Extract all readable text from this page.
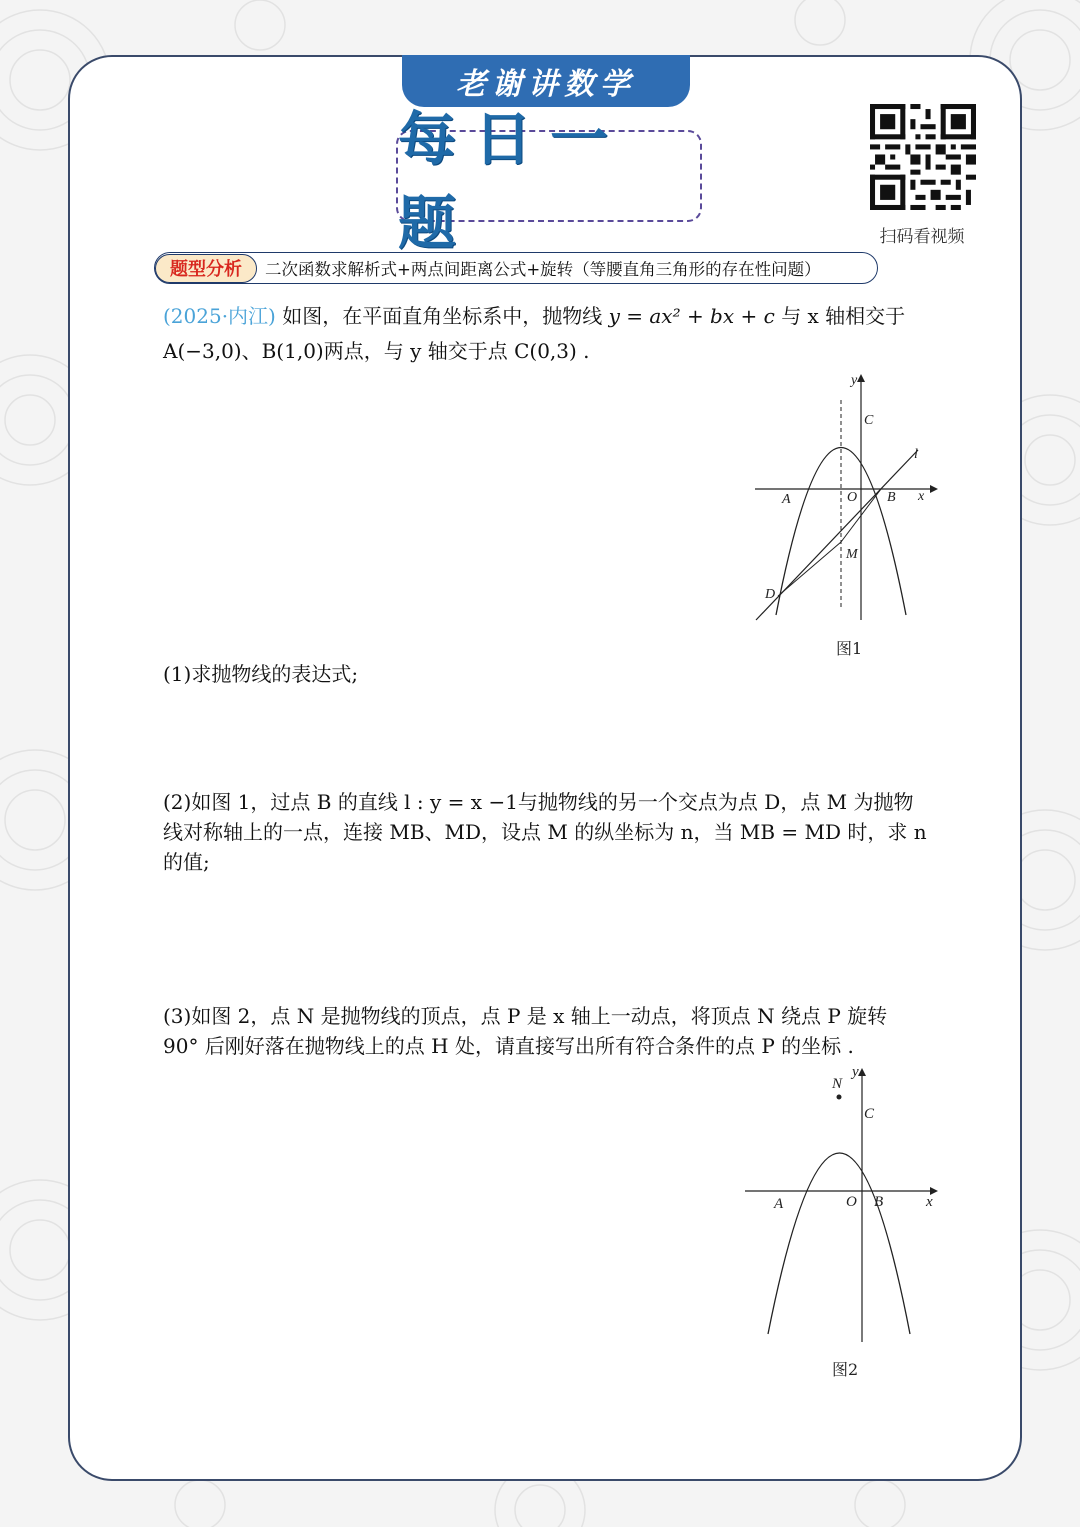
老谢讲数学
每日一题	扫码看视频
题型分析	二次函数求解析式+两点间距离公式+旋转（等腰直角三角形的存在性问题）
(2025·内江) 如图，在平面直角坐标系中，抛物线 y = ax² + bx + c 与 x 轴相交于
A(−3,0)、B(1,0)两点，与 y 轴交于点 C(0,3) .
y
x
O
A	B
C
D
M
l
图1
(1)求抛物线的表达式;
(2)如图 1，过点 B 的直线 l : y = x −1与抛物线的另一个交点为点 D，点 M 为抛物
线对称轴上的一点，连接 MB、MD，设点 M 的纵坐标为 n，当 MB = MD 时，求 n
的值;
(3)如图 2，点 N 是抛物线的顶点，点 P 是 x 轴上一动点，将顶点 N 绕点 P 旋转
90° 后刚好落在抛物线上的点 H 处，请直接写出所有符合条件的点 P 的坐标 .
y
x
O
A	B
C
N
图2
